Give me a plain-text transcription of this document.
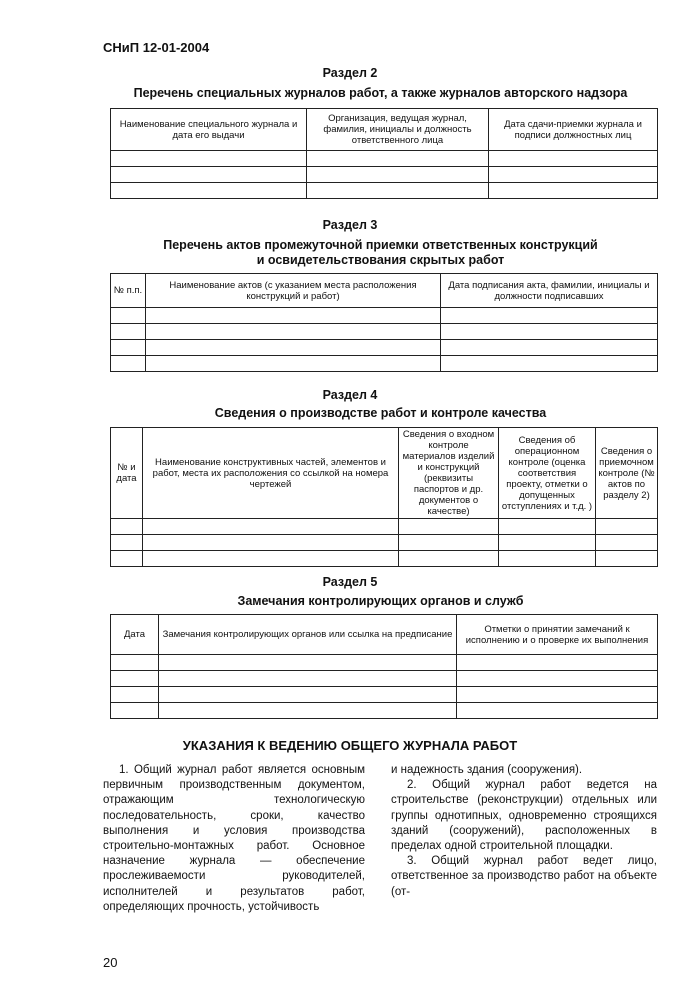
СНиП 12-01-2004
Раздел 2
Перечень специальных журналов работ, а также журналов авторского надзора
Наименование специального журнала и дата его выдачи	Организация, ведущая журнал, фамилия, инициалы и должность ответственного лица	Дата сдачи-приемки журнала и подписи должностных лиц

Раздел 3
Перечень актов промежуточной приемки ответственных конструкций
и освидетельствования скрытых работ
№ п.п.	Наименование актов (с указанием места расположения конструкций и работ)	Дата подписания акта, фамилии, инициалы и должности подписавших

Раздел 4
Сведения о производстве работ и контроле качества
№ и дата	Наименование конструктивных частей, элементов и работ, места их расположения со ссылкой на номера чертежей	Сведения о входном контроле материалов изделий и конструкций (реквизиты паспортов и др. документов о качестве)	Сведения об операционном контроле (оценка соответствия проекту, отметки о допущенных отступлениях и т.д. )	Сведения о приемочном контроле (№ актов по разделу 2)

Раздел 5
Замечания контролирующих органов и служб
Дата	Замечания контролирующих органов или ссылка на предписание	Отметки о принятии замечаний к исполнению и о проверке их выполнения

УКАЗАНИЯ К ВЕДЕНИЮ ОБЩЕГО ЖУРНАЛА РАБОТ

1. Общий журнал работ является основным первичным производственным документом, отражающим технологическую последовательность, сроки, качество выполнения и условия производства строительно-монтажных работ. Основное назначение журнала — обеспечение прослеживаемости руководителей, исполнителей и результатов работ, определяющих прочность, устойчивость

и надежность здания (сооружения).

2. Общий журнал работ ведется на строительстве (реконструкции) отдельных или группы однотипных, одновременно строящихся зданий (сооружений), расположенных в пределах одной строительной площадки.

3. Общий журнал работ ведет лицо, ответственное за производство работ на объекте (от-

20
